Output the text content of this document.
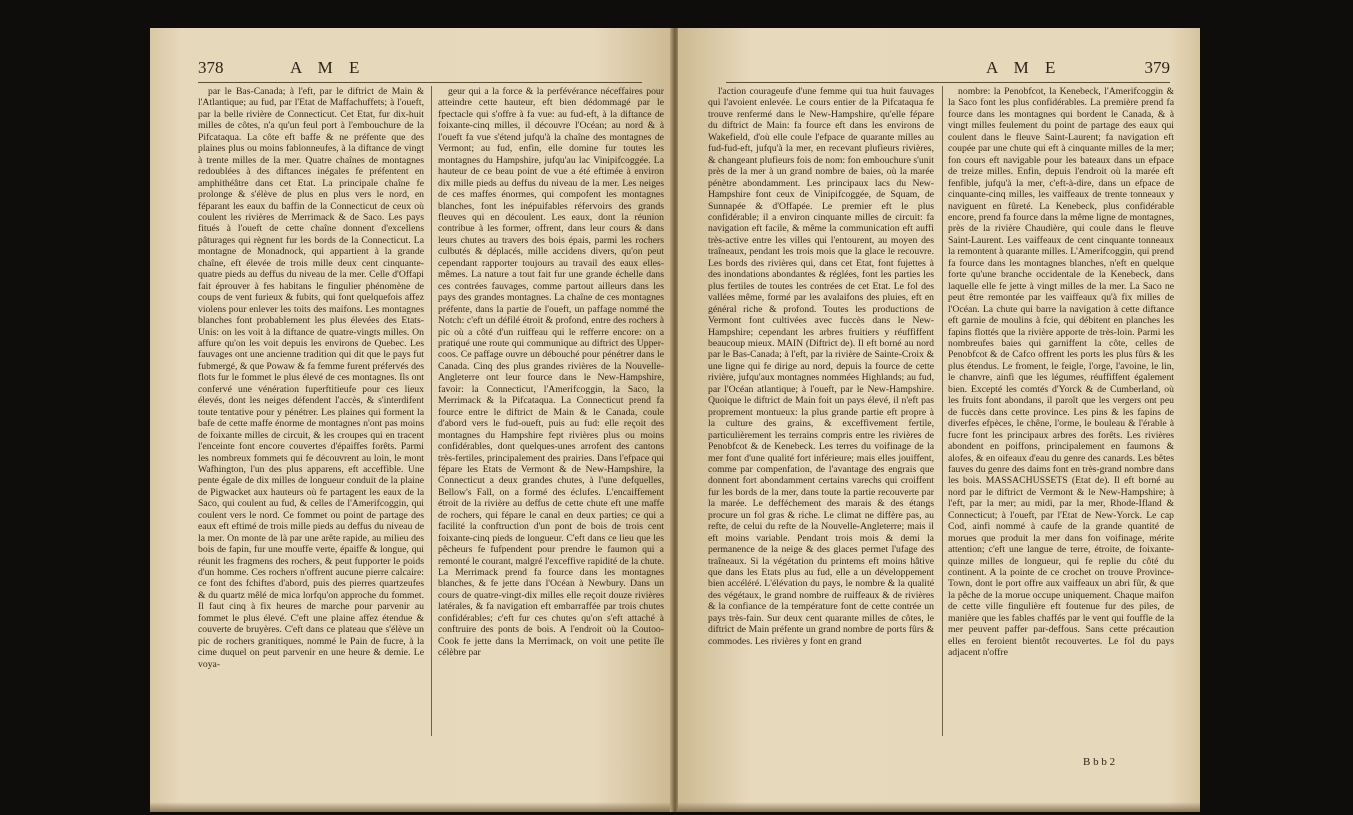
378	A M E

par le Bas-Canada; à l'eft, par le diftrict de Main & l'Atlantique; au fud, par l'Etat de Maffachuffets; à l'oueft, par la belle rivière de Connecticut. Cet Etat, fur dix-huit milles de côtes, n'a qu'un feul port à l'embouchure de la Pifcataqua. La côte eft baffe & ne préfente que des plaines plus ou moins fablonneufes, à la diftance de vingt à trente milles de la mer. Quatre chaînes de montagnes redoublées à des diftances inégales fe préfentent en amphithéâtre dans cet Etat. La principale chaîne fe prolonge & s'élève de plus en plus vers le nord, en féparant les eaux du baffin de la Connecticut de ceux où coulent les rivières de Merrimack & de Saco. Les pays fitués à l'oueft de cette chaîne donnent d'excellens pâturages qui règnent fur les bords de la Connecticut. La montagne de Monadnock, qui appartient à la grande chaîne, eft élevée de trois mille deux cent cinquante-quatre pieds au deffus du niveau de la mer. Celle d'Offapi fait éprouver à fes habitans le fingulier phénomène de coups de vent furieux & fubits, qui font quelquefois affez violens pour enlever les toits des maifons. Les montagnes blanches font probablement les plus élevées des Etats-Unis: on les voit à la diftance de quatre-vingts milles. On affure qu'on les voit depuis les environs de Quebec. Les fauvages ont une ancienne tradition qui dit que le pays fut fubmergé, & que Powaw & fa femme furent préfervés des flots fur le fommet le plus élevé de ces montagnes. Ils ont confervé une vénération fuperftitieufe pour ces lieux élevés, dont les neiges défendent l'accès, & s'interdifent toute tentative pour y pénétrer. Les plaines qui forment la bafe de cette maffe énorme de montagnes n'ont pas moins de foixante milles de circuit, & les croupes qui en tracent l'enceinte font encore couvertes d'épaiffes forêts. Parmi les nombreux fommets qui fe découvrent au loin, le mont Wafhington, l'un des plus apparens, eft acceffible. Une pente égale de dix milles de longueur conduit de la plaine de Pigwacket aux hauteurs où fe partagent les eaux de la Saco, qui coulent au fud, & celles de l'Amerifcoggin, qui coulent vers le nord. Ce fommet ou point de partage des eaux eft eftimé de trois mille pieds au deffus du niveau de la mer. On monte de là par une arête rapide, au milieu des bois de fapin, fur une mouffe verte, épaiffe & longue, qui réunit les fragmens des rochers, & peut fupporter le poids d'un homme. Ces rochers n'offrent aucune pierre calcaire: ce font des fchiftes d'abord, puis des pierres quartzeufes & du quartz mêlé de mica lorfqu'on approche du fommet. Il faut cinq à fix heures de marche pour parvenir au fommet le plus élevé. C'eft une plaine affez étendue & couverte de bruyères. C'eft dans ce plateau que s'élève un pic de rochers granitiques, nommé le Pain de fucre, à la cime duquel on peut parvenir en une heure & demie. Le voya-

geur qui a la force & la perfévérance néceffaires pour atteindre cette hauteur, eft bien dédommagé par le fpectacle qui s'offre à fa vue: au fud-eft, à la diftance de foixante-cinq milles, il découvre l'Océan; au nord & à l'oueft fa vue s'étend jufqu'à la chaîne des montagnes de Vermont; au fud, enfin, elle domine fur toutes les montagnes du Hampshire, jufqu'au lac Vinipifcoggée. La hauteur de ce beau point de vue a été eftimée à environ dix mille pieds au deffus du niveau de la mer. Les neiges de ces maffes énormes, qui compofent les montagnes blanches, font les inépuifables réfervoirs des grands fleuves qui en découlent. Les eaux, dont la réunion contribue à les former, offrent, dans leur cours & dans leurs chutes au travers des bois épais, parmi les rochers culbutés & déplacés, mille accidens divers, qu'on peut cependant rapporter toujours au travail des eaux elles-mêmes. La nature a tout fait fur une grande échelle dans ces contrées fauvages, comme partout ailleurs dans les pays des grandes montagnes. La chaîne de ces montagnes préfente, dans la partie de l'oueft, un paffage nommé the Notch: c'eft un défilé étroit & profond, entre des rochers à pic où a côté d'un ruiffeau qui le refferre encore: on a pratiqué une route qui communique au diftrict des Upper-coos. Ce paffage ouvre un débouché pour pénétrer dans le Canada. Cinq des plus grandes rivières de la Nouvelle-Angleterre ont leur fource dans le New-Hampshire, favoir: la Connecticut, l'Amerifcoggin, la Saco, la Merrimack & la Pifcataqua. La Connecticut prend fa fource entre le diftrict de Main & le Canada, coule d'abord vers le fud-oueft, puis au fud: elle reçoit des montagnes du Hampshire fept rivières plus ou moins confidérables, dont quelques-unes arrofent des cantons très-fertiles, principalement des prairies. Dans l'efpace qui fépare les Etats de Vermont & de New-Hampshire, la Connecticut a deux grandes chutes, à l'une defquelles, Bellow's Fall, on a formé des éclufes. L'encaiffement étroit de la rivière au deffus de cette chute eft une maffe de rochers, qui fépare le canal en deux parties; ce qui a facilité la conftruction d'un pont de bois de trois cent foixante-cinq pieds de longueur. C'eft dans ce lieu que les pêcheurs fe fufpendent pour prendre le faumon qui a remonté le courant, malgré l'exceffive rapidité de la chute. La Merrimack prend fa fource dans les montagnes blanches, & fe jette dans l'Océan à Newbury. Dans un cours de quatre-vingt-dix milles elle reçoit douze rivières latérales, & fa navigation eft embarraffée par trois chutes confidérables; c'eft fur ces chutes qu'on s'eft attaché à conftruire des ponts de bois. A l'endroit où la Coutoo-Cook fe jette dans la Merrimack, on voit une petite île célèbre par

A M E	379

l'action courageufe d'une femme qui tua huit fauvages qui l'avoient enlevée. Le cours entier de la Pifcataqua fe trouve renfermé dans le New-Hampshire, qu'elle fépare du diftrict de Main: fa fource eft dans les environs de Wakefield, d'où elle coule l'efpace de quarante milles au fud-fud-eft, jufqu'à la mer, en recevant plufieurs rivières, & changeant plufieurs fois de nom: fon embouchure s'unit près de la mer à un grand nombre de baies, où la marée pénètre abondamment. Les principaux lacs du New-Hampshire font ceux de Vinipifcoggée, de Squam, de Sunnapée & d'Offapée. Le premier eft le plus confidérable; il a environ cinquante milles de circuit: fa navigation eft facile, & même la communication eft auffi très-active entre les villes qui l'entourent, au moyen des traîneaux, pendant les trois mois que la glace le recouvre. Les bords des rivières qui, dans cet Etat, font fujettes à des inondations abondantes & réglées, font les parties les plus fertiles de toutes les contrées de cet Etat. Le fol des vallées même, formé par les avalaifons des pluies, eft en général riche & profond. Toutes les productions de Vermont font cultivées avec fuccès dans le New-Hampshire; cependant les arbres fruitiers y réuffiffent beaucoup mieux. MAIN (Diftrict de). Il eft borné au nord par le Bas-Canada; à l'eft, par la rivière de Sainte-Croix & une ligne qui fe dirige au nord, depuis la fource de cette rivière, jufqu'aux montagnes nommées Highlands; au fud, par l'Océan atlantique; à l'oueft, par le New-Hampshire. Quoique le diftrict de Main foit un pays élevé, il n'eft pas proprement montueux: la plus grande partie eft propre à la culture des grains, & exceffivement fertile, particulièrement les terrains compris entre les rivières de Penobfcot & de Kenebeck. Les terres du voifinage de la mer font d'une qualité fort inférieure; mais elles jouiffent, comme par compenfation, de l'avantage des engrais que donnent fort abondamment certains varechs qui croiffent fur les bords de la mer, dans toute la partie recouverte par la marée. Le defféchement des marais & des étangs procure un fol gras & riche. Le climat ne diffère pas, au refte, de celui du refte de la Nouvelle-Angleterre; mais il eft moins variable. Pendant trois mois & demi la permanence de la neige & des glaces permet l'ufage des traîneaux. Si la végétation du printems eft moins hâtive que dans les Etats plus au fud, elle a un développement bien accéléré. L'élévation du pays, le nombre & la qualité des végétaux, le grand nombre de ruiffeaux & de rivières & la confiance de la température font de cette contrée un pays très-fain. Sur deux cent quarante milles de côtes, le diftrict de Main préfente un grand nombre de ports fûrs & commodes. Les rivières y font en grand

nombre: la Penobfcot, la Kenebeck, l'Amerifcoggin & la Saco font les plus confidérables. La première prend fa fource dans les montagnes qui bordent le Canada, & à vingt milles feulement du point de partage des eaux qui coulent dans le fleuve Saint-Laurent; fa navigation eft coupée par une chute qui eft à cinquante milles de la mer; fon cours eft navigable pour les bateaux dans un efpace de treize milles. Enfin, depuis l'endroit où la marée eft fenfible, jufqu'à la mer, c'eft-à-dire, dans un efpace de cinquante-cinq milles, les vaiffeaux de trente tonneaux y naviguent en fûreté. La Kenebeck, plus confidérable encore, prend fa fource dans la même ligne de montagnes, près de la rivière Chaudière, qui coule dans le fleuve Saint-Laurent. Les vaiffeaux de cent cinquante tonneaux la remontent à quarante milles. L'Amerifcoggin, qui prend fa fource dans les montagnes blanches, n'eft en quelque forte qu'une branche occidentale de la Kenebeck, dans laquelle elle fe jette à vingt milles de la mer. La Saco ne peut être remontée par les vaiffeaux qu'à fix milles de l'Océan. La chute qui barre la navigation à cette diftance eft garnie de moulins à fcie, qui débitent en planches les fapins flottés que la rivière apporte de très-loin. Parmi les nombreufes baies qui garniffent la côte, celles de Penobfcot & de Cafco offrent les ports les plus fûrs & les plus étendus. Le froment, le feigle, l'orge, l'avoine, le lin, le chanvre, ainfi que les légumes, réuffiffent également bien. Excepté les comtés d'Yorck & de Cumberland, où les fruits font abondans, il paroît que les vergers ont peu de fuccès dans cette province. Les pins & les fapins de diverfes efpèces, le chêne, l'orme, le bouleau & l'érable à fucre font les principaux arbres des forêts. Les rivières abondent en poiffons, principalement en faumons & alofes, & en oifeaux d'eau du genre des canards. Les bêtes fauves du genre des daims font en très-grand nombre dans les bois. MASSACHUSSETS (Etat de). Il eft borné au nord par le diftrict de Vermont & le New-Hampshire; à l'eft, par la mer; au midi, par la mer, Rhode-Ifland & Connecticut; à l'oueft, par l'Etat de New-Yorck. Le cap Cod, ainfi nommé à caufe de la grande quantité de morues que produit la mer dans fon voifinage, mérite attention; c'eft une langue de terre, étroite, de foixante-quinze milles de longueur, qui fe replie du côté du continent. A la pointe de ce crochet on trouve Province-Town, dont le port offre aux vaiffeaux un abri fûr, & que la pêche de la morue occupe uniquement. Chaque maifon de cette ville fingulière eft foutenue fur des piles, de manière que les fables chaffés par le vent qui fouffle de la mer peuvent paffer par-deffous. Sans cette précaution elles en feroient bientôt recouvertes. Le fol du pays adjacent n'offre

B b b 2
